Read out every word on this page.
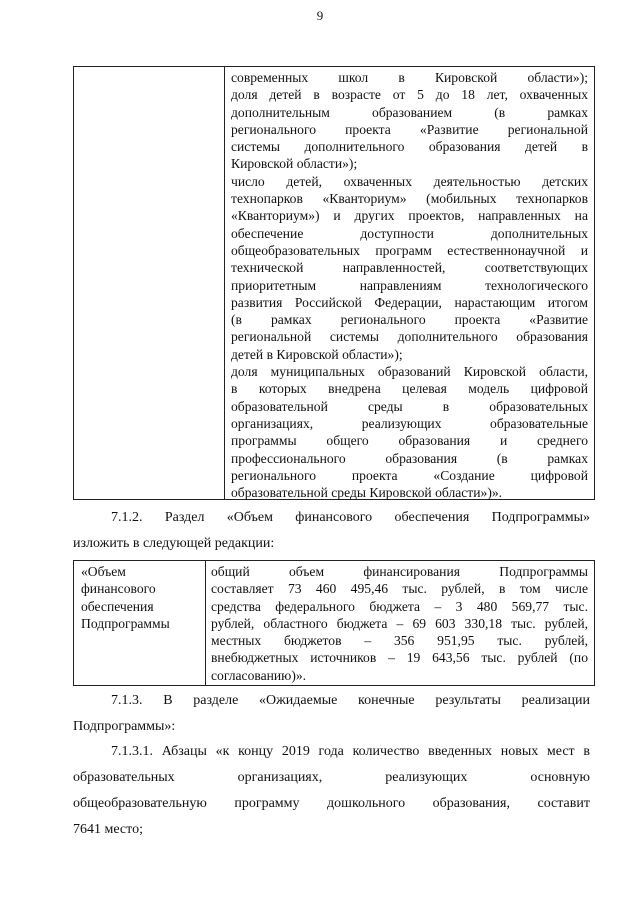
9
современных школ в Кировской области»);
доля детей в возрасте от 5 до 18 лет, охваченных
дополнительным образованием (в рамках
регионального проекта «Развитие региональной
системы дополнительного образования детей в
Кировской области»);
число детей, охваченных деятельностью детских
технопарков «Кванториум» (мобильных технопарков
«Кванториум») и других проектов, направленных на
обеспечение доступности дополнительных
общеобразовательных программ естественнонаучной и
технической направленностей, соответствующих
приоритетным направлениям технологического
развития Российской Федерации, нарастающим итогом
(в рамках регионального проекта «Развитие
региональной системы дополнительного образования
детей в Кировской области»);
доля муниципальных образований Кировской области,
в которых внедрена целевая модель цифровой
образовательной среды в образовательных
организациях, реализующих образовательные
программы общего образования и среднего
профессионального образования (в рамках
регионального проекта «Создание цифровой
образовательной среды Кировской области»)».
7.1.2. Раздел «Объем финансового обеспечения Подпрограммы»
изложить в следующей редакции:
«Объем
финансового
обеспечения
Подпрограммы
общий объем финансирования Подпрограммы
составляет 73 460 495,46 тыс. рублей, в том числе
средства федерального бюджета – 3 480 569,77 тыс.
рублей, областного бюджета – 69 603 330,18 тыс. рублей,
местных бюджетов – 356 951,95 тыс. рублей,
внебюджетных источников – 19 643,56 тыс. рублей (по
согласованию)».
7.1.3. В разделе «Ожидаемые конечные результаты реализации
Подпрограммы»:
7.1.3.1. Абзацы «к концу 2019 года количество введенных новых мест в
образовательных организациях, реализующих основную
общеобразовательную программу дошкольного образования, составит
7641 место;
